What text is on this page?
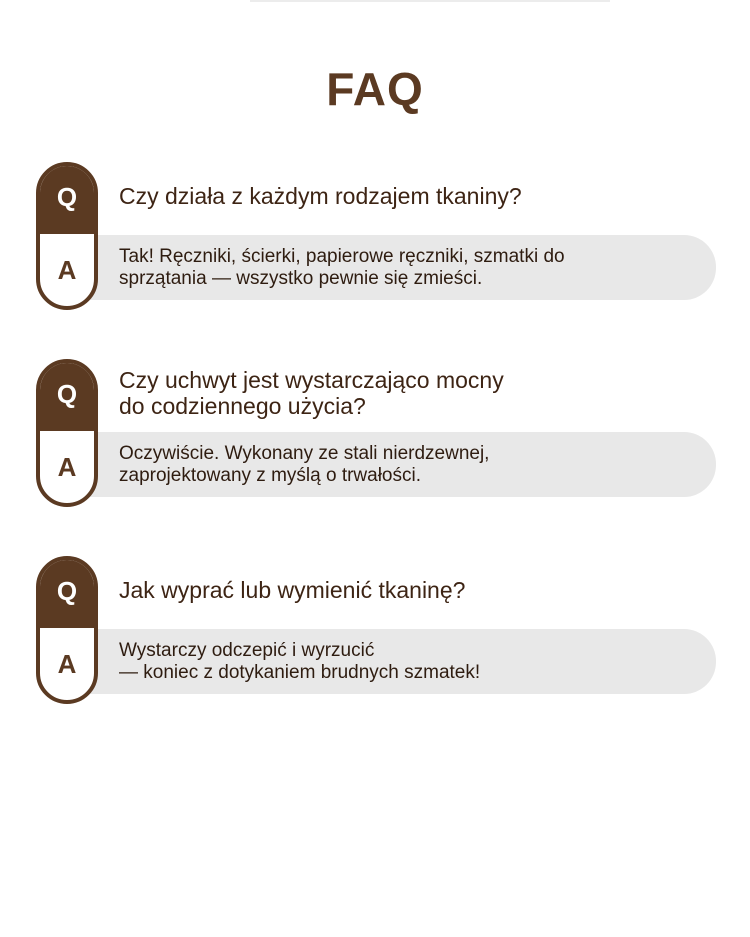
FAQ
Q
A
Czy działa z każdym rodzajem tkaniny?
Tak! Ręczniki, ścierki, papierowe ręczniki, szmatki do
sprzątania — wszystko pewnie się zmieści.
Q
A
Czy uchwyt jest wystarczająco mocny
do codziennego użycia?
Oczywiście. Wykonany ze stali nierdzewnej,
zaprojektowany z myślą o trwałości.
Q
A
Jak wyprać lub wymienić tkaninę?
Wystarczy odczepić i wyrzucić
— koniec z dotykaniem brudnych szmatek!
